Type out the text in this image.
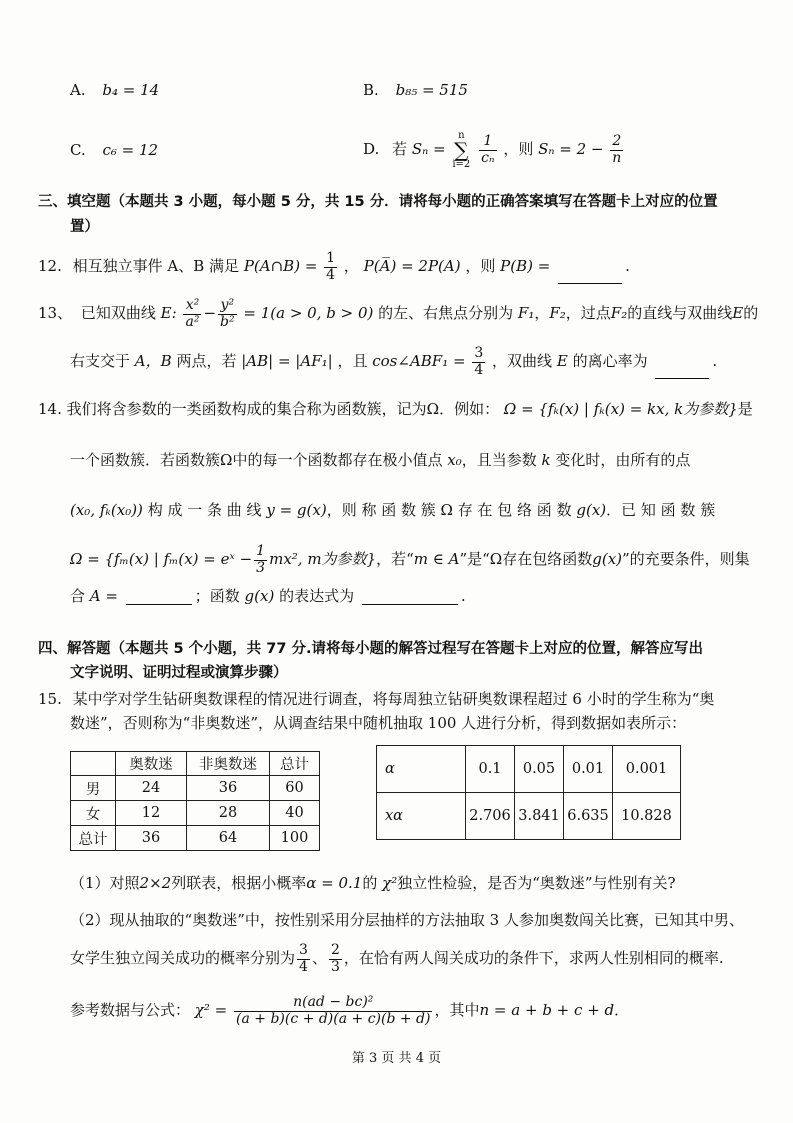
A. b₄ = 14	B. b₈₅ = 515
C. c₆ = 12	D. 若 Sₙ =
n
∑
i=2
$\frac{1}{\text{cₙ}}$ ，则 $S_n = 2 - \frac{2}{n}$
三、填空题（本题共 3 小题，每小题 5 分，共 15 分．请将每小题的正确答案填写在答题卡上对应的位置
置）
12. 相互独立事件 A、B 满足 P(A∩B) = $\frac{1}{4}$ ， P(A̅) = 2P(A) ，则 P(B) =	.
13、 已知双曲线 E: $\frac{\text{x²}}{\text{a²}} - \frac{\text{y²}}{\text{b²}} = 1(a > 0$, b > 0) 的左、右焦点分别为 F₁，F₂，过点F₂的直线与双曲线E的
右支交于 A，B 两点，若 |AB| = |AF₁| ，且 cos∠ABF₁ = $\frac{3}{4}$ ，双曲线 E 的离心率为	.
14. 我们将含参数的一类函数构成的集合称为函数簇，记为Ω．例如： Ω = {fₖ(x) | fₖ(x) = kx, k为参数}是
一个函数簇．若函数簇Ω中的每一个函数都存在极小值点 x₀，且当参数 k 变化时，由所有的点
(x₀, fₖ(x₀)) 构 成 一 条 曲 线 y = g(x)，则 称 函 数 簇 Ω 存 在 包 络 函 数 g(x)．已 知 函 数 簇
Ω = {fₘ(x) | fₘ(x) = eˣ − $\frac{1}{3} mx^2$, m为参数}，若“m ∈ A”是“Ω存在包络函数g(x)”的充要条件，则集
合 A =	；函数 g(x) 的表达式为	.
四、解答题（本题共 5 个小题，共 77 分.请将每小题的解答过程写在答题卡上对应的位置，解答应写出
文字说明、证明过程或演算步骤）
15. 某中学对学生钻研奥数课程的情况进行调查，将每周独立钻研奥数课程超过 6 小时的学生称为“奥
数迷”，否则称为“非奥数迷”，从调查结果中随机抽取 100 人进行分析，得到数据如表所示：
	奥数迷	非奥数迷	总计
男	24	36	60
女	12	28	40
总计	36	64	100
α	0.1	0.05	0.01	0.001
xα	2.706	3.841	6.635	10.828
（1）对照2×2列联表，根据小概率α = 0.1的 χ²独立性检验，是否为“奥数迷”与性别有关?
（2）现从抽取的“奥数迷”中，按性别采用分层抽样的方法抽取 3 人参加奥数闯关比赛，已知其中男、
女学生独立闯关成功的概率分别为 $\frac{3}{4}$ 、 $\frac{2}{3}$ ，在恰有两人闯关成功的条件下，求两人性别相同的概率.
参考数据与公式： $\chi^2 = \frac{\text{n(ad − bc)²}}{(a + b)(c + d)(a + c)(b + d)}$ ，其中n = a + b + c + d．
第 3 页 共 4 页
